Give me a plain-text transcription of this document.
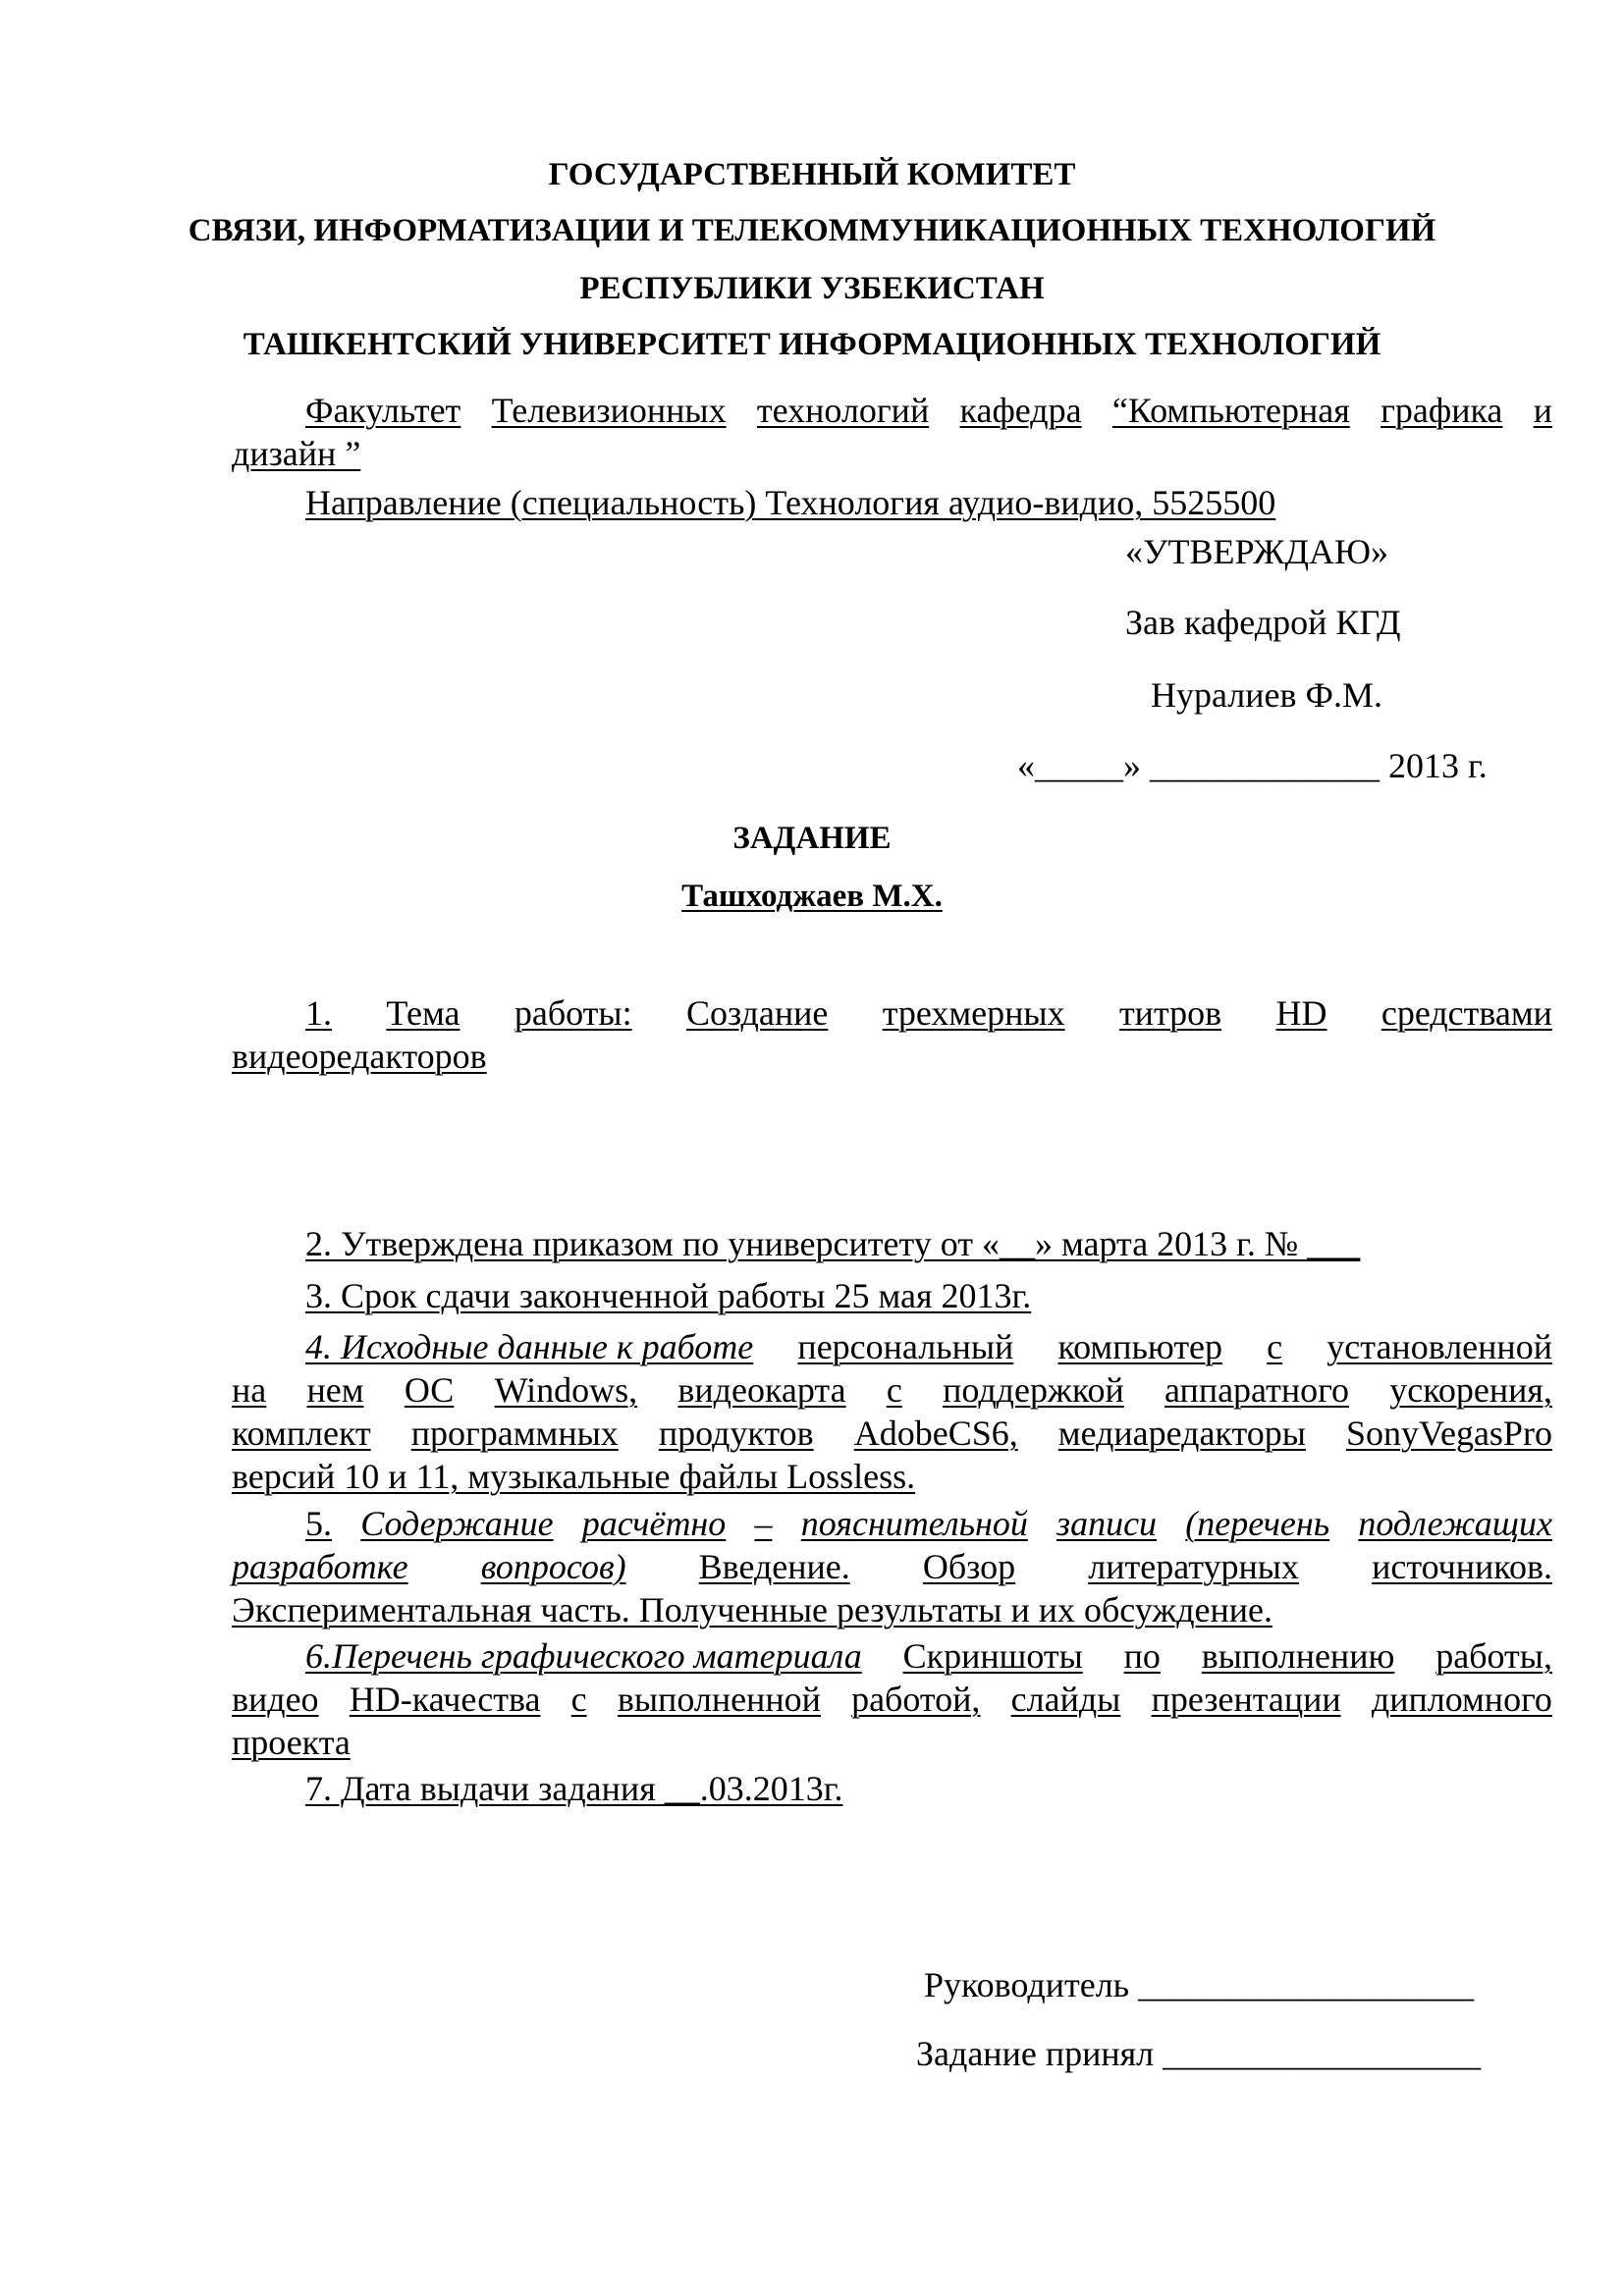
ГОСУДАРСТВЕННЫЙ КОМИТЕТ
СВЯЗИ, ИНФОРМАТИЗАЦИИ И ТЕЛЕКОММУНИКАЦИОННЫХ ТЕХНОЛОГИЙ
РЕСПУБЛИКИ УЗБЕКИСТАН
ТАШКЕНТСКИЙ УНИВЕРСИТЕТ ИНФОРМАЦИОННЫХ ТЕХНОЛОГИЙ
Факультет Телевизионных технологий кафедра “Компьютерная графика и
дизайн ”
Направление (специальность) Технология аудио-видио, 5525500
«УТВЕРЖДАЮ»
Зав кафедрой КГД
Нуралиев Ф.М.
«_____» _____________ 2013 г.
ЗАДАНИЕ
Ташходжаев М.Х.
1. Тема работы: Создание трехмерных титров HD средствами
видеоредакторов
2. Утверждена приказом по университету от «__» марта 2013 г. № ___
3. Срок сдачи законченной работы 25 мая 2013г.
4. Исходные данные к работе персональный компьютер с установленной
на нем ОС Windows, видеокарта с поддержкой аппаратного ускорения,
комплект программных продуктов AdobeCS6, медиаредакторы SonyVegasPro
версий 10 и 11, музыкальные файлы Lossless.
5. Содержание расчётно – пояснительной записи (перечень подлежащих
разработке вопросов) Введение. Обзор литературных источников.
Экспериментальная часть. Полученные результаты и их обсуждение.
6.Перечень графического материала Скриншоты по выполнению работы,
видео HD-качества с выполненной работой, слайды презентации дипломного
проекта
7. Дата выдачи задания __.03.2013г.
Руководитель ___________________
Задание принял __________________
